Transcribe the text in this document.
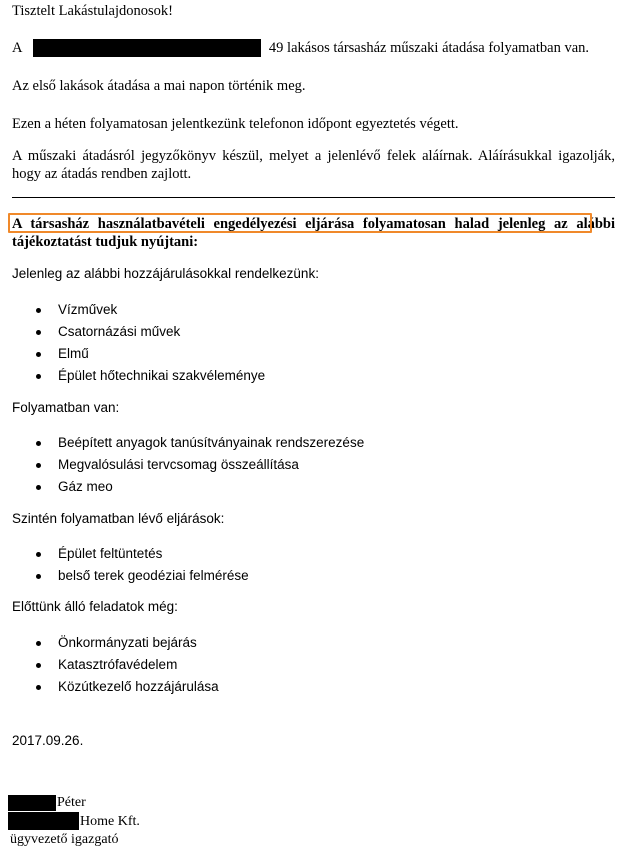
Tisztelt Lakástulajdonosok!
A	49 lakásos társasház műszaki átadása folyamatban van.
Az első lakások átadása a mai napon történik meg.
Ezen a héten folyamatosan jelentkezünk telefonon időpont egyeztetés végett.
A műszaki átadásról jegyzőkönyv készül, melyet a jelenlévő felek aláírnak. Aláírásukkal igazolják, hogy az átadás rendben zajlott.
A társasház használatbavételi engedélyezési eljárása folyamatosan halad jelenleg az alábbi tájékoztatást tudjuk nyújtani:
Jelenleg az alábbi hozzájárulásokkal rendelkezünk:
Vízművek
Csatornázási művek
Elmű
Épület hőtechnikai szakvéleménye
Folyamatban van:
Beépített anyagok tanúsítványainak rendszerezése
Megvalósulási tervcsomag összeállítása
Gáz meo
Szintén folyamatban lévő eljárások:
Épület feltüntetés
belső terek geodéziai felmérése
Előttünk álló feladatok még:
Önkormányzati bejárás
Katasztrófavédelem
Közútkezelő hozzájárulása
2017.09.26.
Péter
Home Kft.
ügyvezető igazgató
